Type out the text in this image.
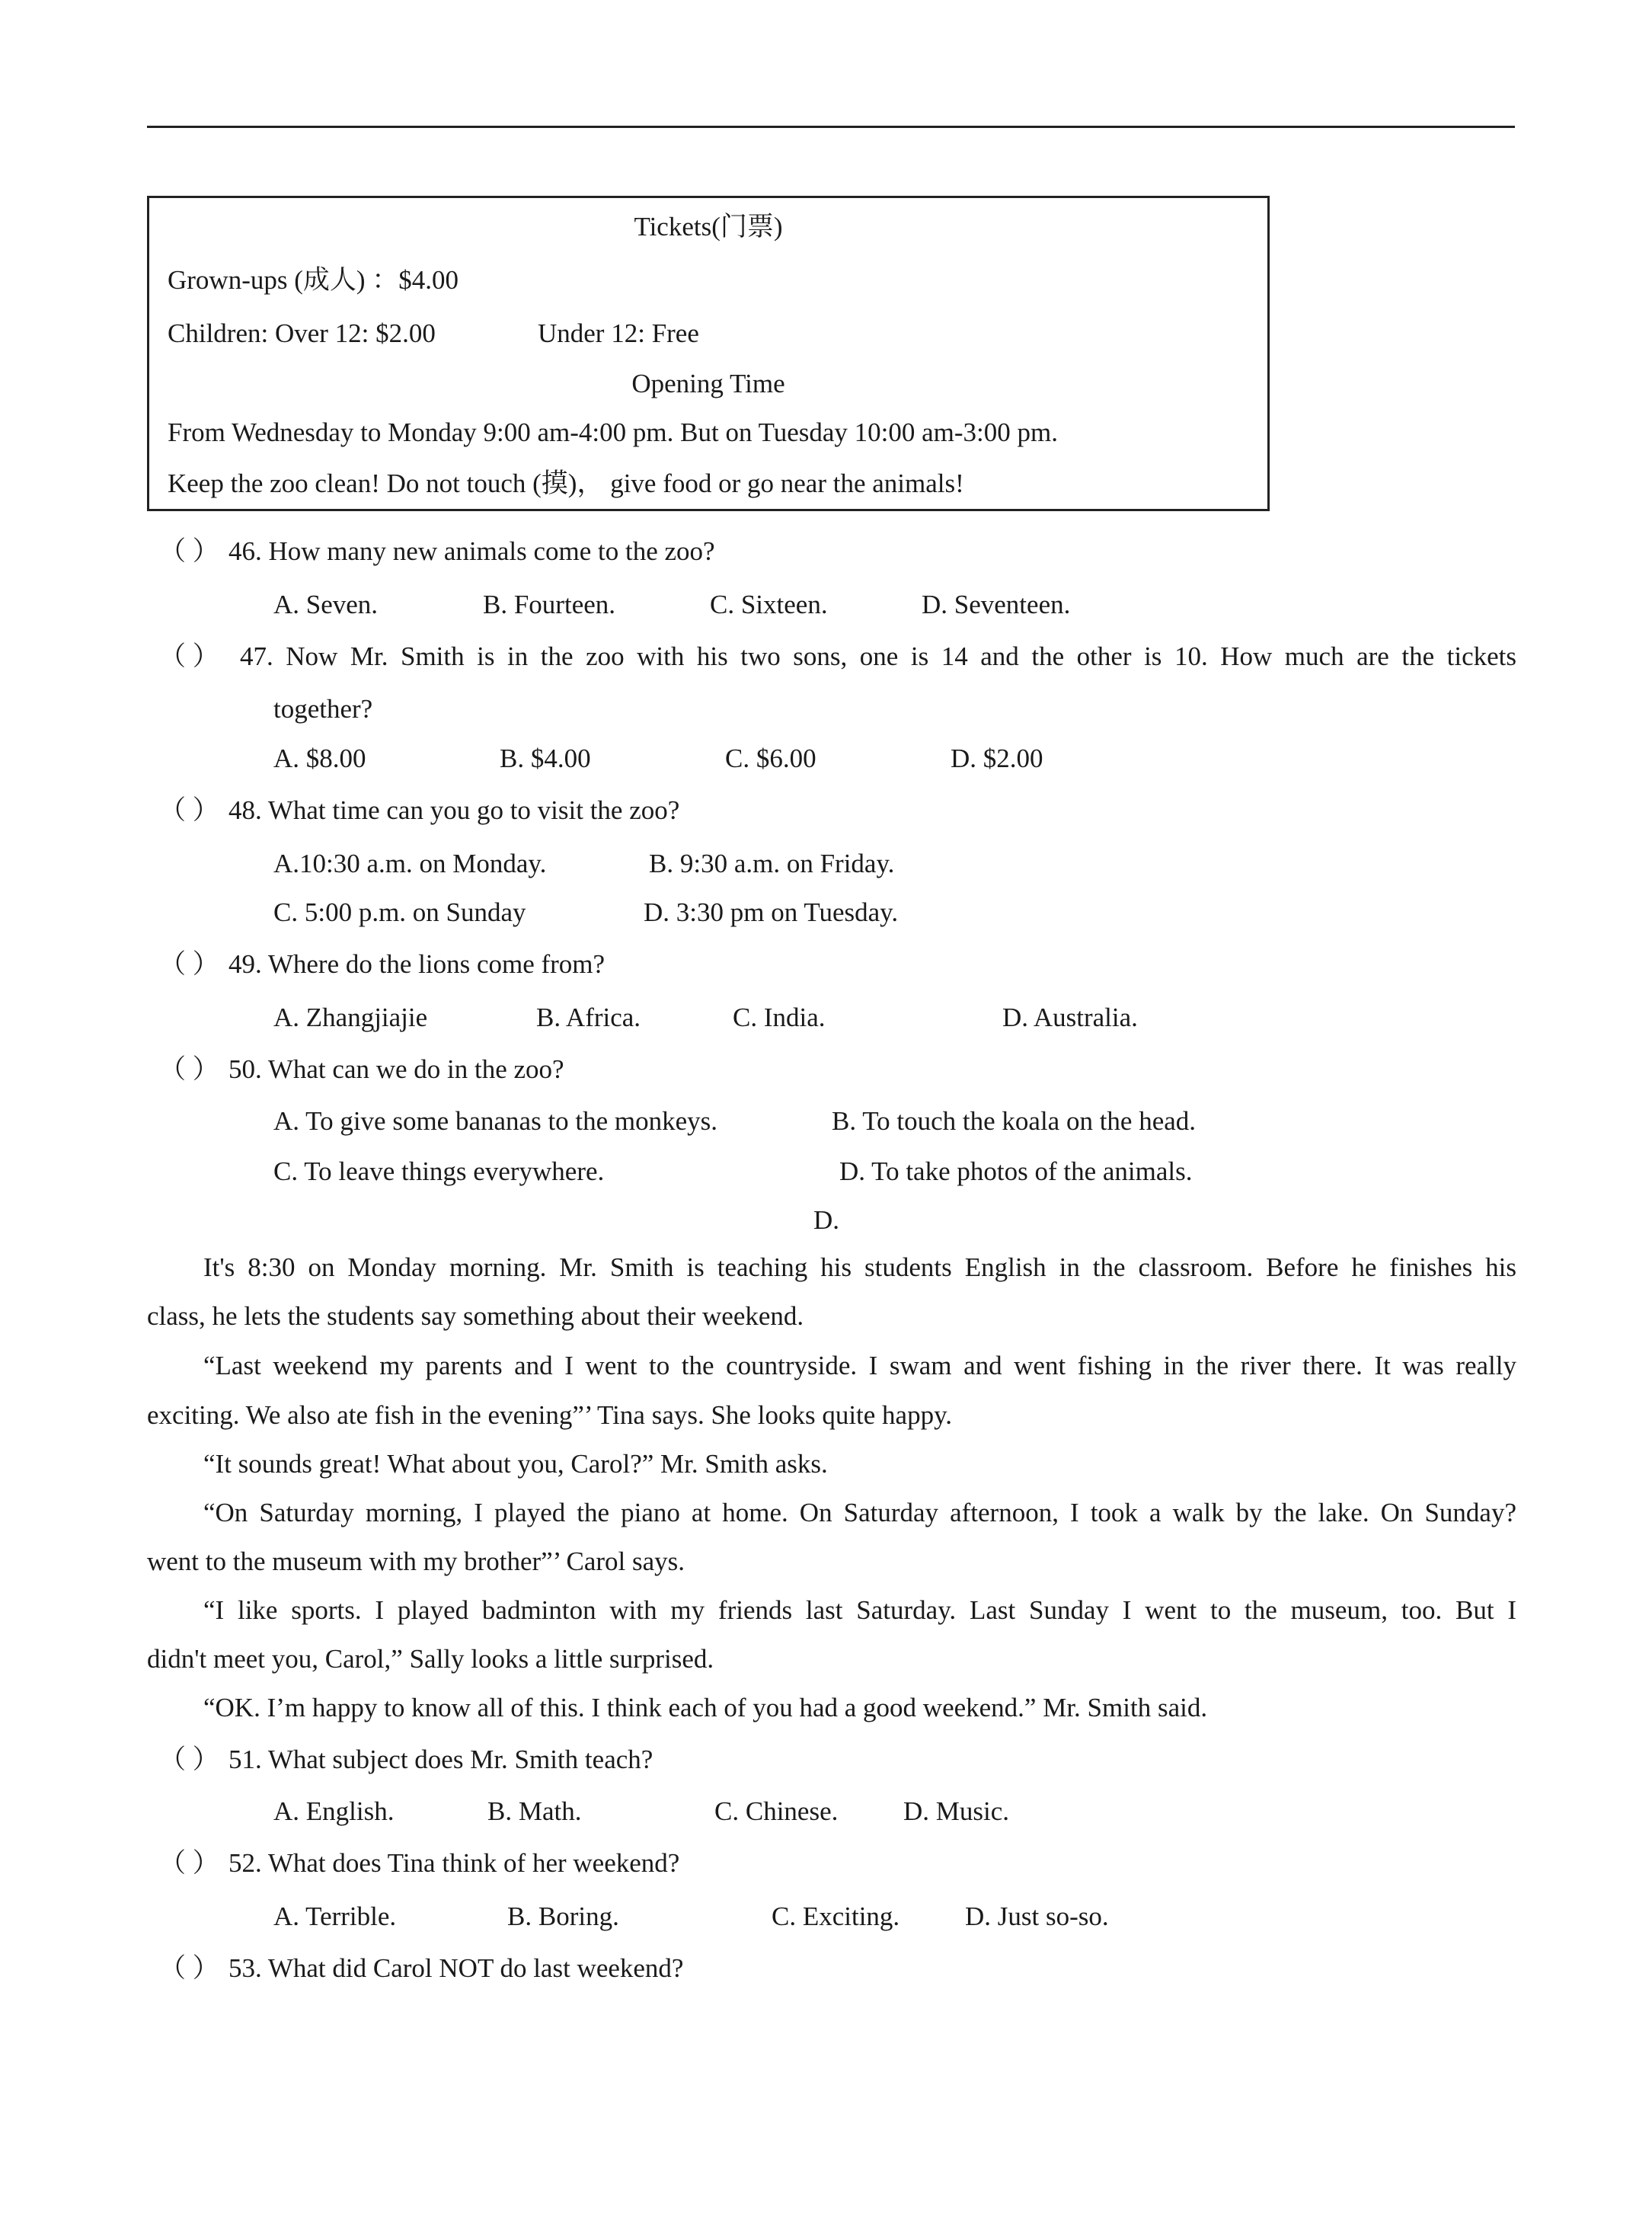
Tickets(门票)
Grown-ups (成人) ：$4.00
Children: Over 12: $2.00	Under 12: Free
Opening Time
From Wednesday to Monday 9:00 am-4:00 pm. But on Tuesday 10:00 am-3:00 pm.
Keep the zoo clean! Do not touch (摸)， give food or go near the animals!
（ ） 46. How many new animals come to the zoo?
A. Seven.	B. Fourteen.	C. Sixteen.	D. Seventeen.
（ ） 47. Now Mr. Smith is in the zoo with his two sons, one is 14 and the other is 10. How much are the tickets
together?
A. $8.00	B. $4.00	C. $6.00	D. $2.00
（ ） 48. What time can you go to visit the zoo?
A.10:30 a.m. on Monday.	B. 9:30 a.m. on Friday.
C. 5:00 p.m. on Sunday	D. 3:30 pm on Tuesday.
（ ） 49. Where do the lions come from?
A. Zhangjiajie	B. Africa.	C. India.	D. Australia.
（ ） 50. What can we do in the zoo?
A. To give some bananas to the monkeys.	B. To touch the koala on the head.
C. To leave things everywhere.	D. To take photos of the animals.
D.
It's 8:30 on Monday morning. Mr. Smith is teaching his students English in the classroom. Before he finishes his
class, he lets the students say something about their weekend.
“Last weekend my parents and I went to the countryside. I swam and went fishing in the river there. It was really
exciting. We also ate fish in the evening”’ Tina says. She looks quite happy.
“It sounds great! What about you, Carol?” Mr. Smith asks.
“On Saturday morning, I played the piano at home. On Saturday afternoon, I took a walk by the lake. On Sunday?
went to the museum with my brother”’ Carol says.
“I like sports. I played badminton with my friends last Saturday. Last Sunday I went to the museum, too. But I
didn't meet you, Carol,” Sally looks a little surprised.
“OK. I’m happy to know all of this. I think each of you had a good weekend.” Mr. Smith said.
（ ） 51. What subject does Mr. Smith teach?
A. English.	B. Math.	C. Chinese. D. Music.
（ ） 52. What does Tina think of her weekend?
A. Terrible.	B. Boring.	C. Exciting. D. Just so-so.
（ ） 53. What did Carol NOT do last weekend?
